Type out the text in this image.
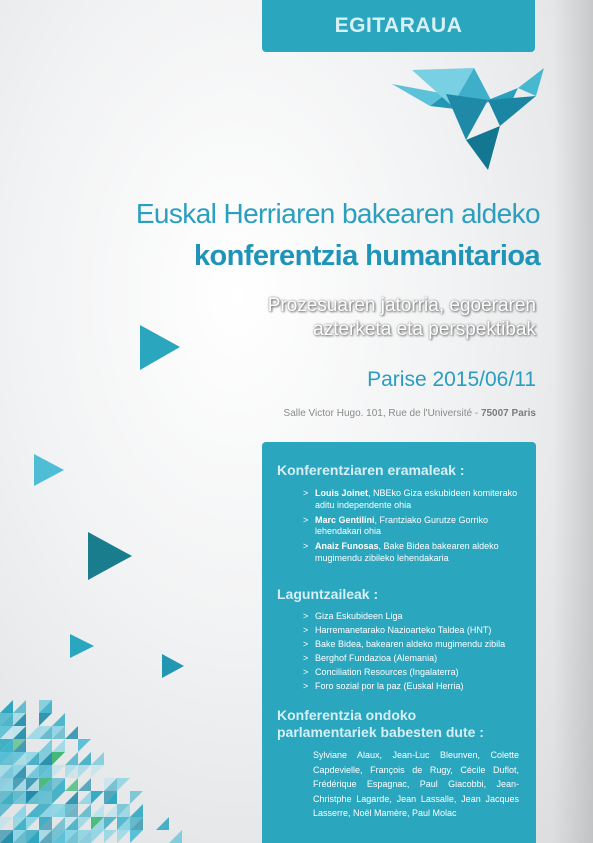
EGITARAUA
Euskal Herriaren bakearen aldeko
konferentzia humanitarioa
Prozesuaren jatorria, egoeraren
azterketa eta perspektibak
Parise 2015/06/11
Salle Victor Hugo. 101, Rue de l'Université - 75007 Paris
Konferentziaren eramaleak :
> Louis Joinet, NBEko Giza eskubideen komiterako aditu independente ohia
> Marc Gentilini, Frantziako Gurutze Gorriko lehendakari ohia
> Anaiz Funosas, Bake Bidea bakearen aldeko mugimendu zibileko lehendakaria
Laguntzaileak :
> Giza Eskubideen Liga
> Harremanetarako Nazioarteko Taldea (HNT)
> Bake Bidea, bakearen aldeko mugimendu zibila
> Berghof Fundazioa (Alemania)
> Conciliation Resources (Ingalaterra)
> Foro sozial por la paz (Euskal Herria)
Konferentzia ondoko
parlamentariek babesten dute :
Sylviane Alaux, Jean-Luc Bleunven, Colette Capdevielle, François de Rugy, Cécile Duflot, Frédérique Espagnac, Paul Giacobbi, Jean-Christphe Lagarde, Jean Lassalle, Jean Jacques Lasserre, Noël Mamère, Paul Molac
